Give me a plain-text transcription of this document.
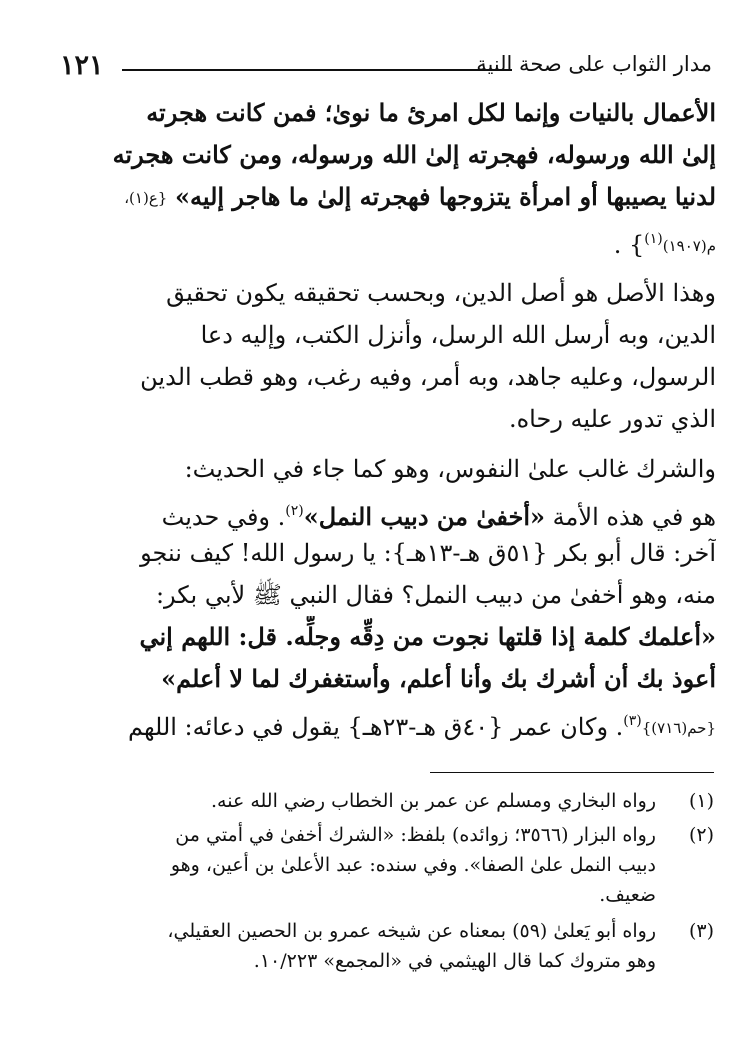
١٢١	مدار الثواب على صحة النية
الأعمال بالنيات وإنما لكل امرئ ما نوىٰ؛ فمن كانت هجرته
إلىٰ الله ورسوله، فهجرته إلىٰ الله ورسوله، ومن كانت هجرته
لدنيا يصيبها أو امرأة يتزوجها فهجرته إلىٰ ما هاجر إليه» {ع(١)،
م(١٩٠٧)$^{(١)}$} .
وهذا الأصل هو أصل الدين، وبحسب تحقيقه يكون تحقيق
الدين، وبه أرسل الله الرسل، وأنزل الكتب، وإليه دعا
الرسول، وعليه جاهد، وبه أمر، وفيه رغب، وهو قطب الدين
الذي تدور عليه رحاه.
والشرك غالب علىٰ النفوس، وهو كما جاء في الحديث:
هو في هذه الأمة «أخفىٰ من دبيب النمل»$^{(٢)}$. وفي حديث
آخر: قال أبو بكر {٥١ق هـ-١٣هـ}: يا رسول الله! كيف ننجو
منه، وهو أخفىٰ من دبيب النمل؟ فقال النبي ﷺ لأبي بكر:
«أعلمك كلمة إذا قلتها نجوت من دِقِّه وجلِّه. قل: اللهم إني
أعوذ بك أن أشرك بك وأنا أعلم، وأستغفرك لما لا أعلم»
{حم(٧١٦)}$^{(٣)}$. وكان عمر {٤٠ق هـ-٢٣هـ} يقول في دعائه: اللهم
(١)
رواه البخاري ومسلم عن عمر بن الخطاب رضي الله عنه.
(٢)
رواه البزار (٣٥٦٦؛ زوائده) بلفظ: «الشرك أخفىٰ في أمتي من
دبيب النمل علىٰ الصفا». وفي سنده: عبد الأعلىٰ بن أعين، وهو
ضعيف.
(٣)
رواه أبو يَعلىٰ (٥٩) بمعناه عن شيخه عمرو بن الحصين العقيلي،
وهو متروك كما قال الهيثمي في «المجمع» ١٠/٢٢٣.
